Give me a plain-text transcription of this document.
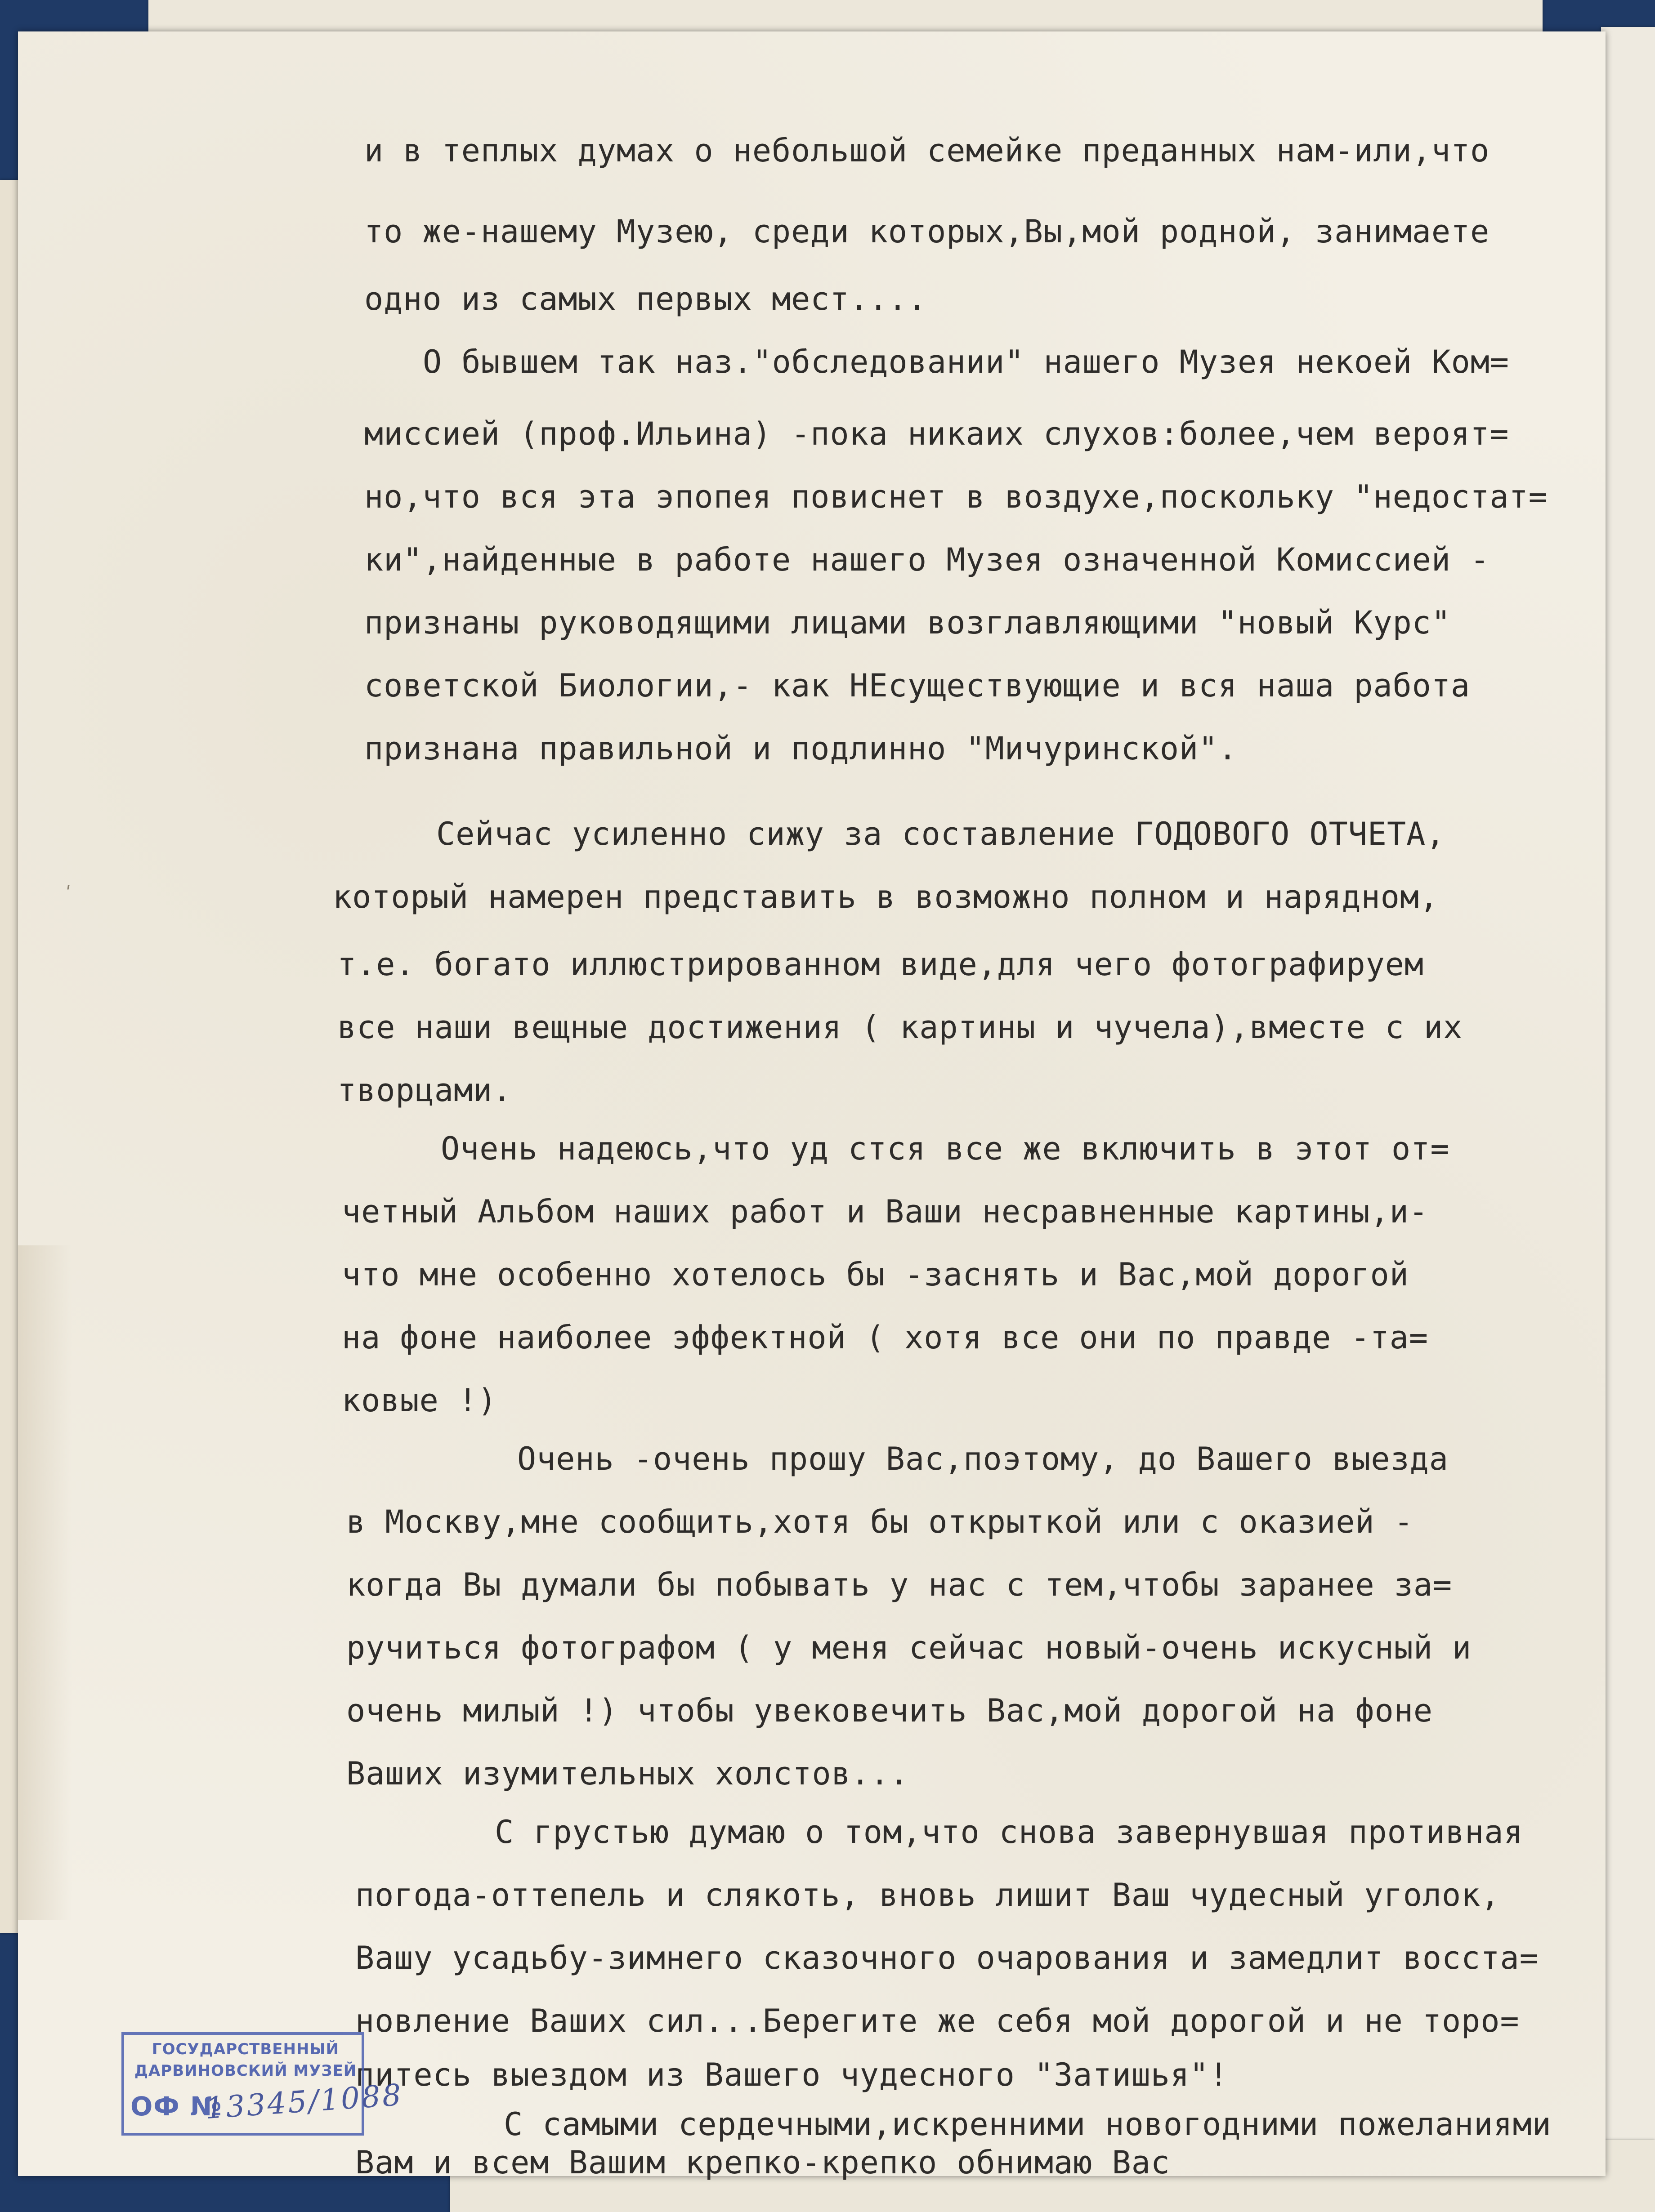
ʹ

и в теплых думах о небольшой семейке преданных нам-или,что

то же-нашему Музею, среди которых,Вы,мой родной, занимаете

одно из самых первых мест....

О бывшем так наз."обследовании" нашего Музея некоей Ком=

миссией (проф.Ильина) -пока никаих слухов:более,чем вероят=

но,что вся эта эпопея повиснет в воздухе,поскольку "недостат=

ки",найденные в работе нашего Музея означенной Комиссией -

признаны руководящими лицами возглавляющими "новый Курс"

советской Биологии,- как НЕсуществующие и вся наша работа

признана правильной и подлинно "Мичуринской".

Сейчас усиленно сижу за составление ГОДОВОГО ОТЧЕТА,

который намерен представить в возможно полном и нарядном,

т.е. богато иллюстрированном виде,для чего фотографируем

все наши вещные достижения ( картины и чучела),вместе с их

творцами.

Очень надеюсь,что уд стся все же включить в этот от=

четный Альбом наших работ и Ваши несравненные картины,и-

что мне особенно хотелось бы -заснять и Вас,мой дорогой

на фоне наиболее эффектной ( хотя все они по правде -та=

ковые !)

Очень -очень прошу Вас,поэтому, до Вашего выезда

в Москву,мне сообщить,хотя бы открыткой или с оказией -

когда Вы думали бы побывать у нас с тем,чтобы заранее за=

ручиться фотографом ( у меня сейчас новый-очень искусный и

очень милый !) чтобы увековечить Вас,мой дорогой на фоне

Ваших изумительных холстов...

С грустью думаю о том,что снова завернувшая противная

погода-оттепель и слякоть, вновь лишит Ваш чудесный уголок,

Вашу усадьбу-зимнего сказочного очарования и замедлит восста=

новление Ваших сил...Берегите же себя мой дорогой и не торо=

питесь выездом из Вашего чудесного "Затишья"!

С самыми сердечными,искренними новогодними пожеланиями

Вам и всем Вашим крепко-крепко обнимаю Вас

ГОСУДАРСТВЕННЫЙ
ДАРВИНОВСКИЙ МУЗЕЙ
ОФ №
13345/1088
